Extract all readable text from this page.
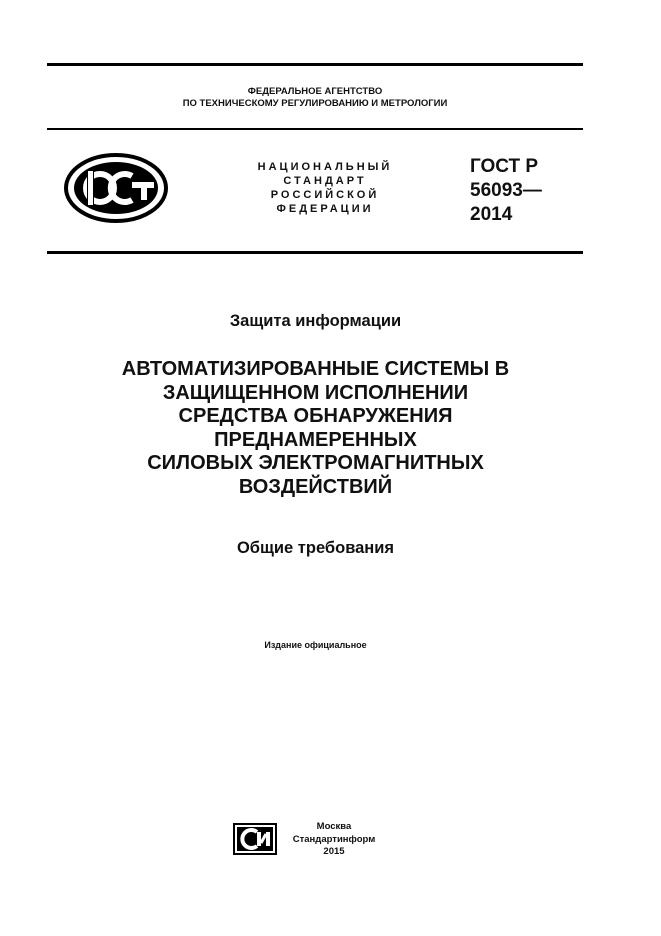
ФЕДЕРАЛЬНОЕ АГЕНТСТВО
ПО ТЕХНИЧЕСКОМУ РЕГУЛИРОВАНИЮ И МЕТРОЛОГИИ
НАЦИОНАЛЬНЫЙ
СТАНДАРТ
РОССИЙСКОЙ
ФЕДЕРАЦИИ
ГОСТ Р
56093—
2014
Защита информации
АВТОМАТИЗИРОВАННЫЕ СИСТЕМЫ В
ЗАЩИЩЕННОМ ИСПОЛНЕНИИ
СРЕДСТВА ОБНАРУЖЕНИЯ
ПРЕДНАМЕРЕННЫХ
СИЛОВЫХ ЭЛЕКТРОМАГНИТНЫХ
ВОЗДЕЙСТВИЙ
Общие требования
Издание официальное
Москва
Стандартинформ
2015
